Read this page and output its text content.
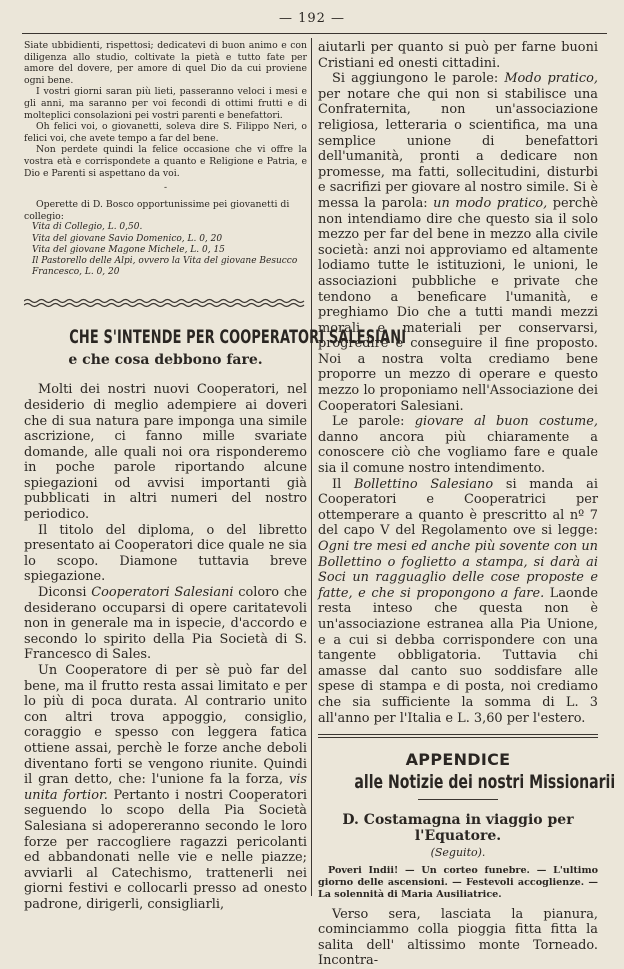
— 192 —

Siate ubbidienti, rispettosi; dedicatevi di buon animo e con diligenza allo studio, coltivate la pietà e tutto fate per amore del dovere, per amore di quel Dio da cui proviene ogni bene.

I vostri giorni saran più lieti, passeranno veloci i mesi e gli anni, ma saranno per voi fecondi di ottimi frutti e di molteplici consolazioni pei vostri parenti e benefattori.

Oh felici voi, o giovanetti, soleva dire S. Filippo Neri, o felici voi, che avete tempo a far del bene.

Non perdete quindi la felice occasione che vi offre la vostra età e corrispondete a quanto e Religione e Patria, e Dio e Parenti si aspettano da voi.

-

Operette di D. Bosco opportunissime pei giovanetti di collegio:

Vita di Collegio, L. 0,50.
Vita del giovane Savio Domenico, L. 0, 20
Vita del giovane Magone Michele, L. 0, 15
Il Pastorello delle Alpi, ovvero la Vita del giovane Besucco Francesco, L. 0, 20

CHE S'INTENDE PER COOPERATORI SALESIANI

e che cosa debbono fare.

Molti dei nostri nuovi Cooperatori, nel desiderio di meglio adempiere ai doveri che di sua natura pare imponga una simile ascrizione, ci fanno mille svariate domande, alle quali noi ora risponderemo in poche parole riportando alcune spiegazioni od avvisi importanti già pubblicati in altri numeri del nostro periodico.

Il titolo del diploma, o del libretto presentato ai Cooperatori dice quale ne sia lo scopo. Diamone tuttavia breve spiegazione.

Diconsi Cooperatori Salesiani coloro che desiderano occuparsi di opere caritatevoli non in generale ma in ispecie, d'accordo e secondo lo spirito della Pia Società di S. Francesco di Sales.

Un Cooperatore di per sè può far del bene, ma il frutto resta assai limitato e per lo più di poca durata. Al contrario unito con altri trova appoggio, consiglio, coraggio e spesso con leggera fatica ottiene assai, perchè le forze anche deboli diventano forti se vengono riunite. Quindi il gran detto, che: l'unione fa la forza, vis unita fortior. Pertanto i nostri Cooperatori seguendo lo scopo della Pia Società Salesiana si adopereranno secondo le loro forze per raccogliere ragazzi pericolanti ed abbandonati nelle vie e nelle piazze; avviarli al Catechismo, trattenerli nei giorni festivi e collocarli presso ad onesto padrone, dirigerli, consigliarli,

aiutarli per quanto si può per farne buoni Cristiani ed onesti cittadini.

Si aggiungono le parole: Modo pratico, per notare che qui non si stabilisce una Confraternita, non un'associazione religiosa, letteraria o scientifica, ma una semplice unione di benefattori dell'umanità, pronti a dedicare non promesse, ma fatti, sollecitudini, disturbi e sacrifizi per giovare al nostro simile. Si è messa la parola: un modo pratico, perchè non intendiamo dire che questo sia il solo mezzo per far del bene in mezzo alla civile società: anzi noi approviamo ed altamente lodiamo tutte le istituzioni, le unioni, le associazioni pubbliche e private che tendono a beneficare l'umanità, e preghiamo Dio che a tutti mandi mezzi morali e materiali per conservarsi, progredire e conseguire il fine proposto. Noi a nostra volta crediamo bene proporre un mezzo di operare e questo mezzo lo proponiamo nell'Associazione dei Cooperatori Salesiani.

Le parole: giovare al buon costume, danno ancora più chiaramente a conoscere ciò che vogliamo fare e quale sia il comune nostro intendimento.

Il Bollettino Salesiano si manda ai Cooperatori e Cooperatrici per ottemperare a quanto è prescritto al nº 7 del capo V del Regolamento ove si legge: Ogni tre mesi ed anche più sovente con un Bollettino o foglietto a stampa, si darà ai Soci un ragguaglio delle cose proposte e fatte, e che si propongono a fare. Laonde resta inteso che questa non è un'associazione estranea alla Pia Unione, e a cui si debba corrispondere con una tangente obbligatoria. Tuttavia chi amasse dal canto suo soddisfare alle spese di stampa e di posta, noi crediamo che sia sufficiente la somma di L. 3 all'anno per l'Italia e L. 3,60 per l'estero.

APPENDICE

alle Notizie dei nostri Missionarii

D. Costamagna in viaggio per l'Equatore.

(Seguito).

Poveri Indii! — Un corteo funebre. — L'ultimo giorno delle ascensioni. — Festevoli accoglienze. — La solennità di Maria Ausiliatrice.

Verso sera, lasciata la pianura, cominciammo colla pioggia fitta fitta la salita dell' altissimo monte Torneado. Incontra-
